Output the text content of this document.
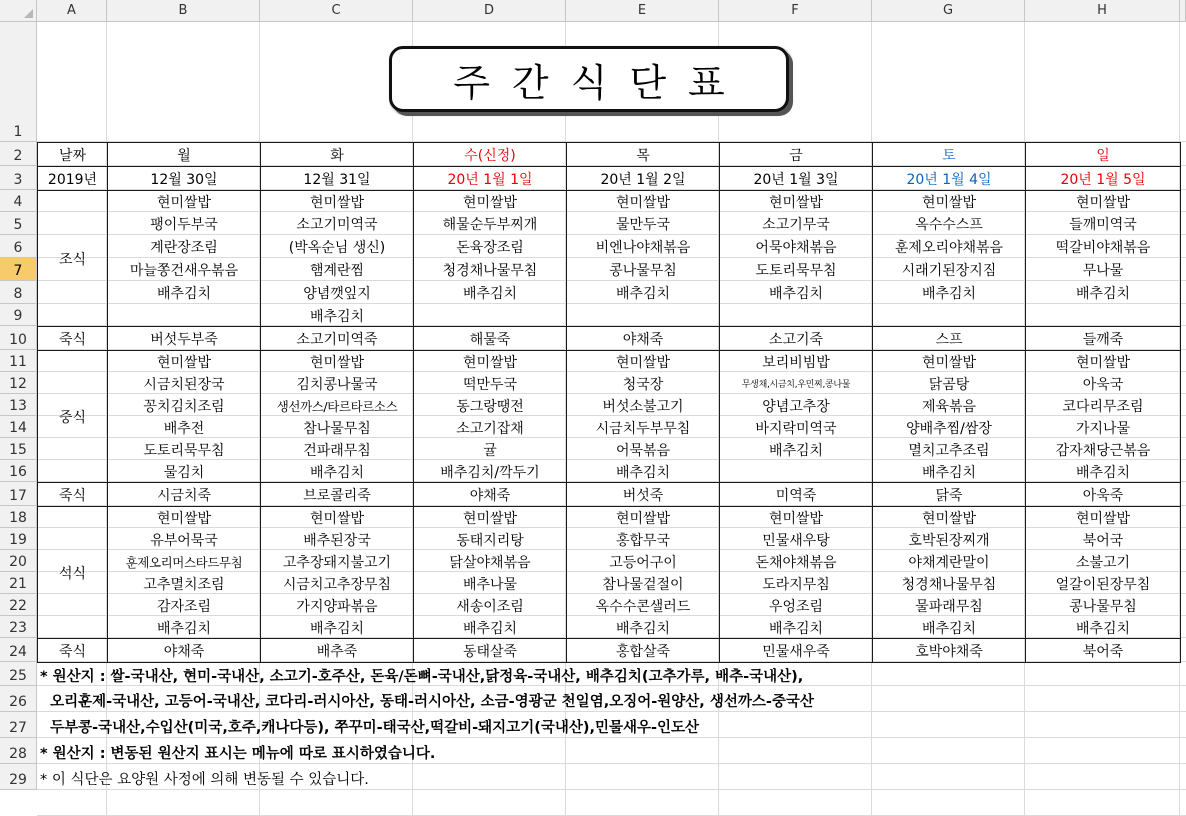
A	B	C	D	E	F	G	H
1
2
3
4
5
6
7
8
9
10
11
12
13
14
15
16
17
18
19
20
21
22
23
24
25
26
27
28
29
주간식단표
날짜	월	화	수(신정)	목	금	토	일
2019년	12월 30일	12월 31일	20년 1월 1일	20년 1월 2일	20년 1월 3일	20년 1월 4일	20년 1월 5일
조식	현미쌀밥	현미쌀밥	현미쌀밥	현미쌀밥	현미쌀밥	현미쌀밥	현미쌀밥
	팽이두부국	소고기미역국	해물순두부찌개	물만두국	소고기무국	옥수수스프	들깨미역국
	계란장조림	(박옥순님 생신)	돈육장조림	비엔나야채볶음	어묵야채볶음	훈제오리야채볶음	떡갈비야채볶음
	마늘쫑건새우볶음	햄계란찜	청경채나물무침	콩나물무침	도토리묵무침	시래기된장지짐	무나물
	배추김치	양념깻잎지	배추김치	배추김치	배추김치	배추김치	배추김치
		배추김치					
죽식	버섯두부죽	소고기미역죽	해물죽	야채죽	소고기죽	스프	들깨죽
중식	현미쌀밥	현미쌀밥	현미쌀밥	현미쌀밥	보리비빔밥	현미쌀밥	현미쌀밥
	시금치된장국	김치콩나물국	떡만두국	청국장	무생채,시금치,우민찌,콩나물	닭곰탕	아욱국
	꽁치김치조림	생선까스/타르타르소스	동그랑땡전	버섯소불고기	양념고추장	제육볶음	코다리무조림
	배추전	참나물무침	소고기잡채	시금치두부무침	바지락미역국	양배추찜/쌈장	가지나물
	도토리묵무침	건파래무침	귤	어묵볶음	배추김치	멸치고추조림	감자채당근볶음
	물김치	배추김치	배추김치/깍두기	배추김치		배추김치	배추김치
죽식	시금치죽	브로콜리죽	야채죽	버섯죽	미역죽	닭죽	아욱죽
석식	현미쌀밥	현미쌀밥	현미쌀밥	현미쌀밥	현미쌀밥	현미쌀밥	현미쌀밥
	유부어묵국	배추된장국	동태지리탕	홍합무국	민물새우탕	호박된장찌개	북어국
	훈제오리머스타드무침	고추장돼지불고기	닭살야채볶음	고등어구이	돈채야채볶음	야채계란말이	소불고기
	고추멸치조림	시금치고추장무침	배추나물	참나물겉절이	도라지무침	청경채나물무침	얼갈이된장무침
	감자조림	가지양파볶음	새송이조림	옥수수콘샐러드	우엉조림	물파래무침	콩나물무침
	배추김치	배추김치	배추김치	배추김치	배추김치	배추김치	배추김치
죽식	야채죽	배추죽	동태살죽	홍합살죽	민물새우죽	호박야채죽	북어죽
* 원산지 : 쌀-국내산, 현미-국내산, 소고기-호주산, 돈육/돈뼈-국내산,닭정육-국내산, 배추김치(고추가루, 배추-국내산),
오리훈제-국내산, 고등어-국내산, 코다리-러시아산, 동태-러시아산, 소금-영광군 천일염,오징어-원양산, 생선까스-중국산
두부콩-국내산,수입산(미국,호주,캐나다등), 쭈꾸미-태국산,떡갈비-돼지고기(국내산),민물새우-인도산
* 원산지 : 변동된 원산지 표시는 메뉴에 따로 표시하였습니다.
* 이 식단은 요양원 사정에 의해 변동될 수 있습니다.
